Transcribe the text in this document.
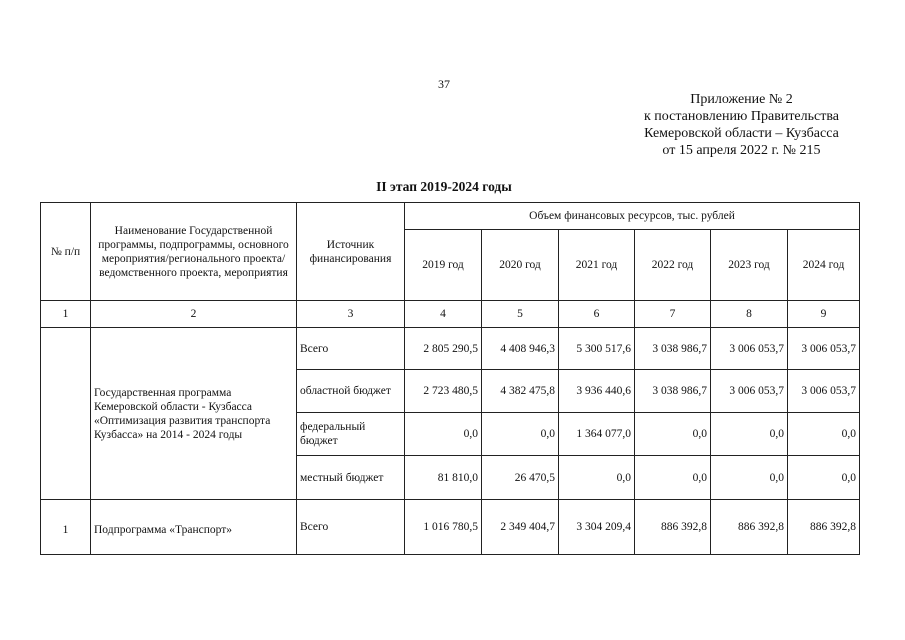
37
Приложение № 2
к постановлению Правительства
Кемеровской области – Кузбасса
от 15 апреля 2022 г. № 215
II этап 2019-2024 годы
№ п/п	Наименование Государственной программы, подпрограммы, основного мероприятия/регионального проекта/ведомственного проекта, мероприятия	Источник финансирования	Объем финансовых ресурсов, тыс. рублей					
			2019 год	2020 год	2021 год	2022 год	2023 год	2024 год
1	2	3	4	5	6	7	8	9
	Государственная программа Кемеровской области - Кузбасса «Оптимизация развития транспорта Кузбасса» на 2014 - 2024 годы	Всего	2 805 290,5	4 408 946,3	5 300 517,6	3 038 986,7	3 006 053,7	3 006 053,7
		областной бюджет	2 723 480,5	4 382 475,8	3 936 440,6	3 038 986,7	3 006 053,7	3 006 053,7
		федеральный бюджет	0,0	0,0	1 364 077,0	0,0	0,0	0,0
		местный бюджет	81 810,0	26 470,5	0,0	0,0	0,0	0,0
1	Подпрограмма «Транспорт»	Всего	1 016 780,5	2 349 404,7	3 304 209,4	886 392,8	886 392,8	886 392,8
